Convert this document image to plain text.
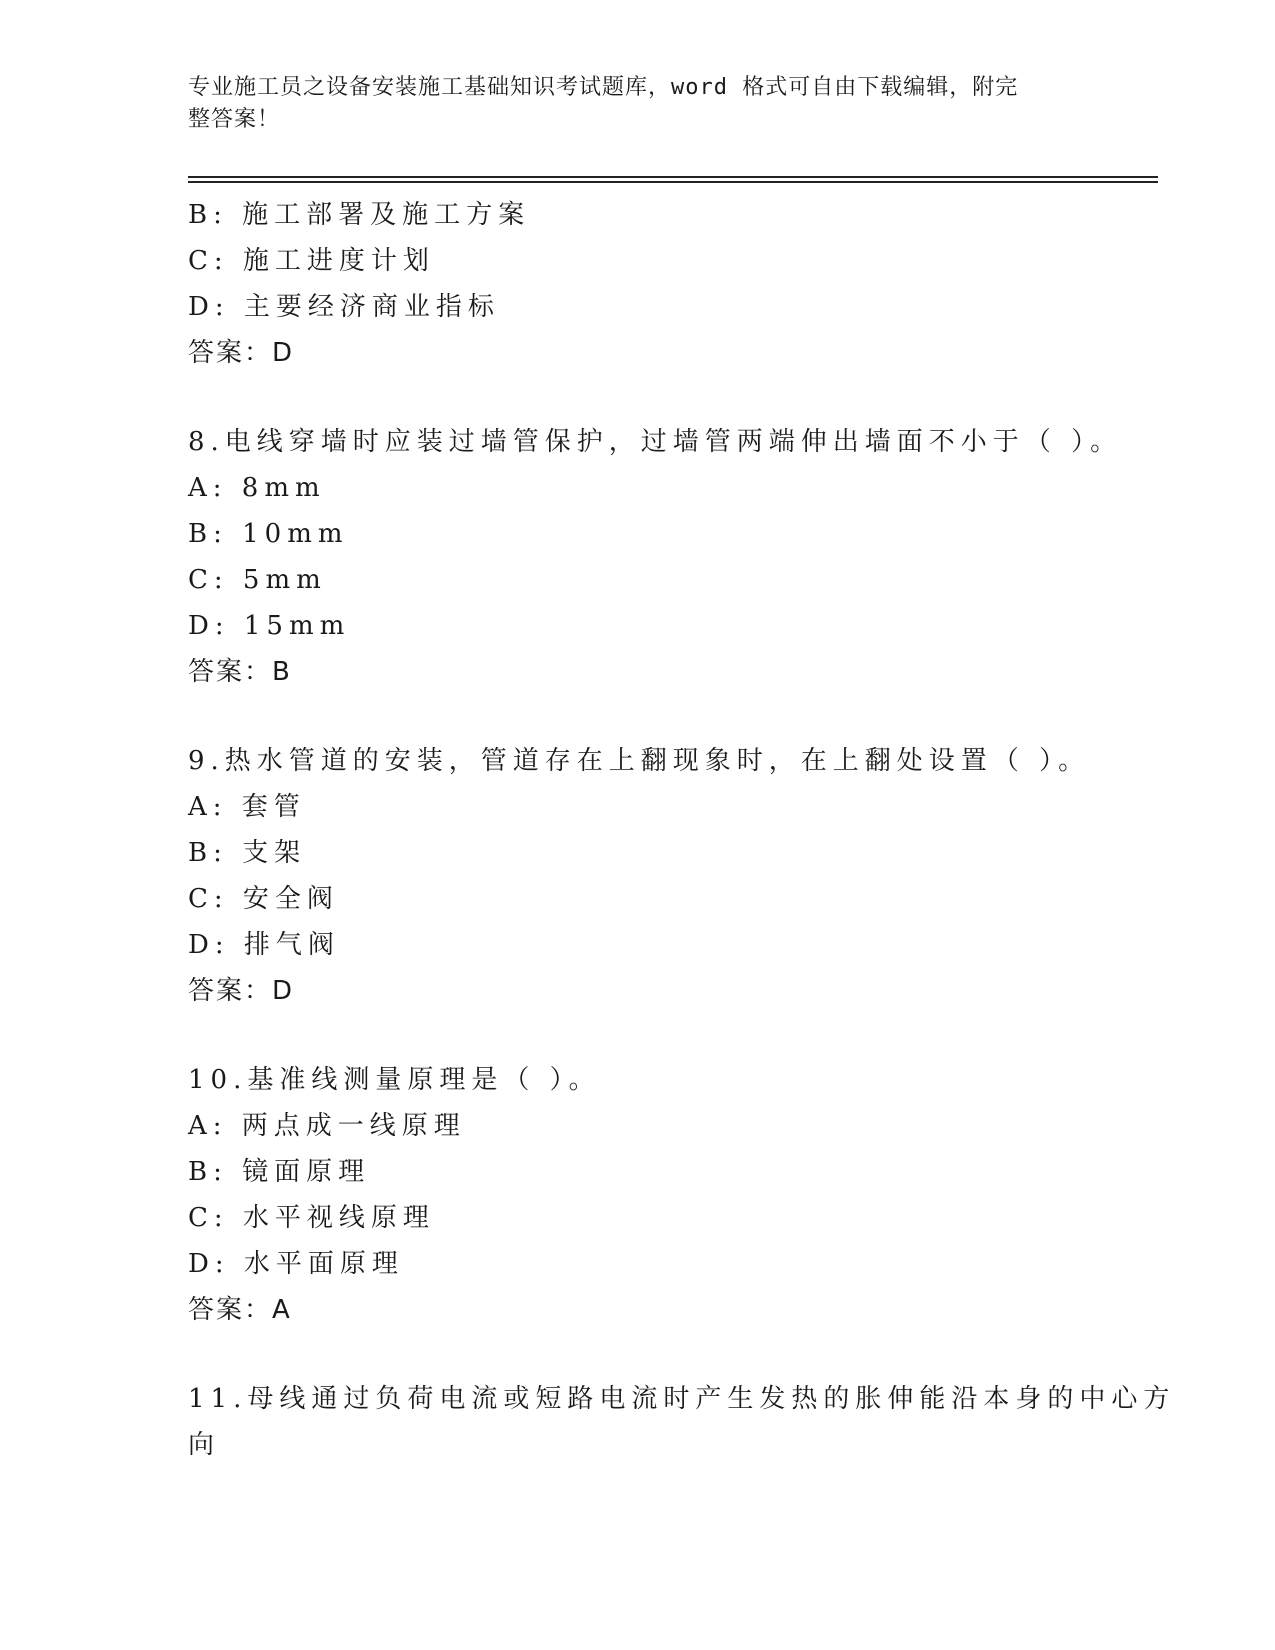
专业施工员之设备安装施工基础知识考试题库，word 格式可自由下载编辑，附完
整答案！
B: 施工部署及施工方案
C: 施工进度计划
D: 主要经济商业指标
答案：D
8.电线穿墙时应装过墙管保护，过墙管两端伸出墙面不小于（ ）。
A: 8mm
B: 10mm
C: 5mm
D: 15mm
答案：B
9.热水管道的安装，管道存在上翻现象时，在上翻处设置（ ）。
A: 套管
B: 支架
C: 安全阀
D: 排气阀
答案：D
10.基准线测量原理是（ ）。
A: 两点成一线原理
B: 镜面原理
C: 水平视线原理
D: 水平面原理
答案：A
11.母线通过负荷电流或短路电流时产生发热的胀伸能沿本身的中心方
向
